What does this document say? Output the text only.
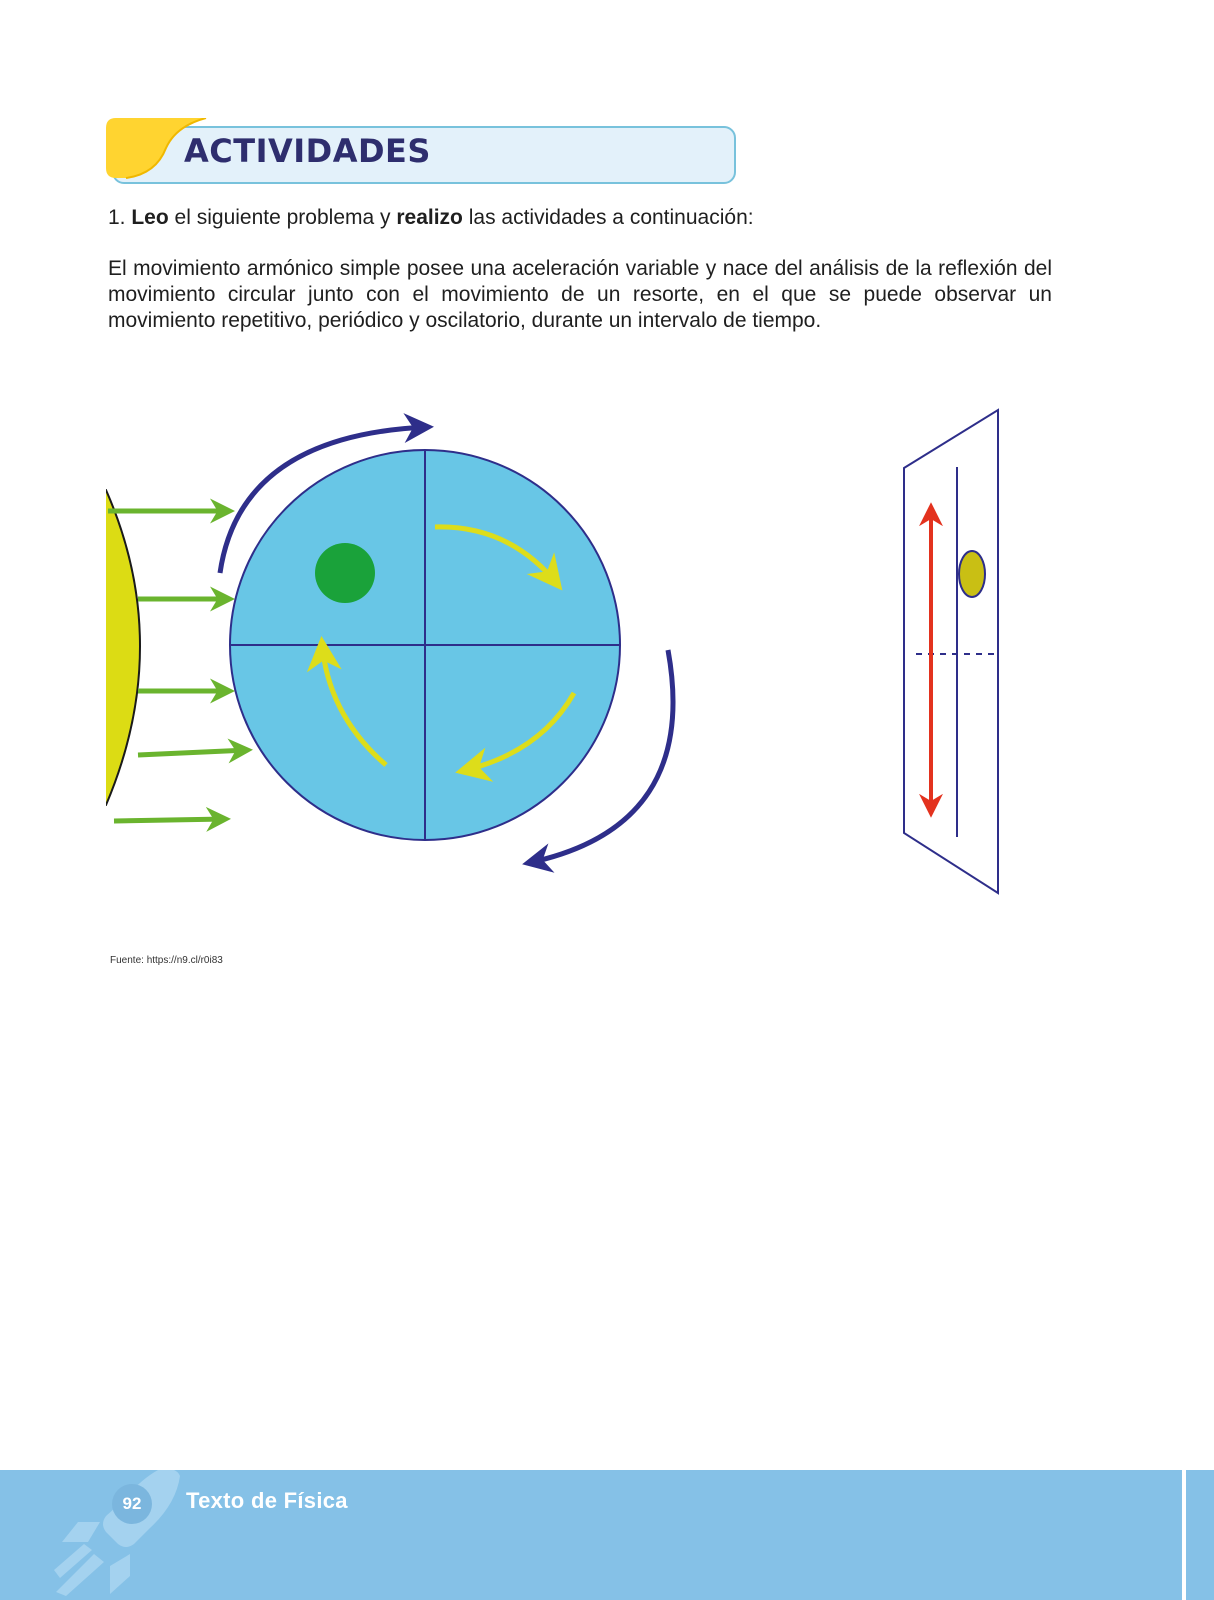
ACTIVIDADES
1. Leo el siguiente problema y realizo las actividades a continuación:
El movimiento armónico simple posee una aceleración variable y nace del análisis de la reflexión del movimiento circular junto con el movimiento de un resorte, en el que se puede observar un movimiento repetitivo, periódico y oscilatorio, durante un intervalo de tiempo.
Fuente: https://n9.cl/r0i83
92 Texto de Física
